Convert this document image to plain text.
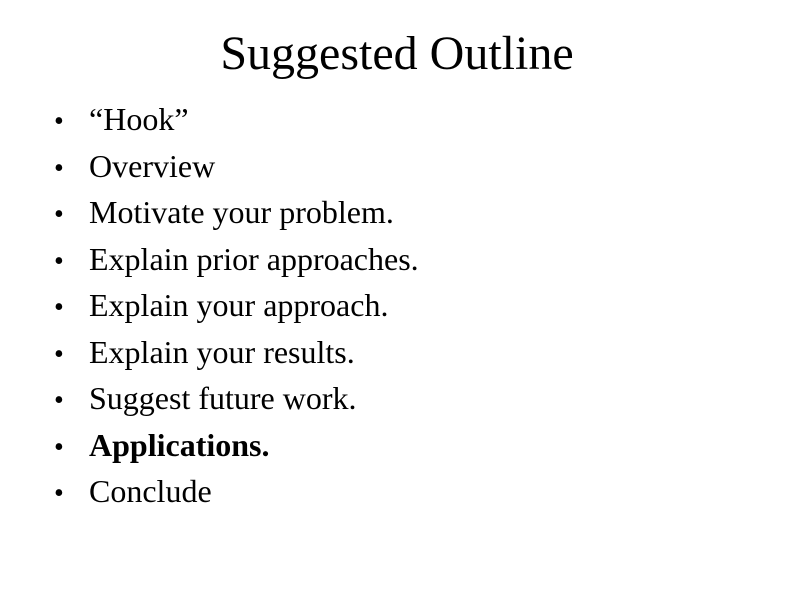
Suggested Outline
• “Hook”
• Overview
• Motivate your problem.
• Explain prior approaches.
• Explain your approach.
• Explain your results.
• Suggest future work.
• Applications.
• Conclude
